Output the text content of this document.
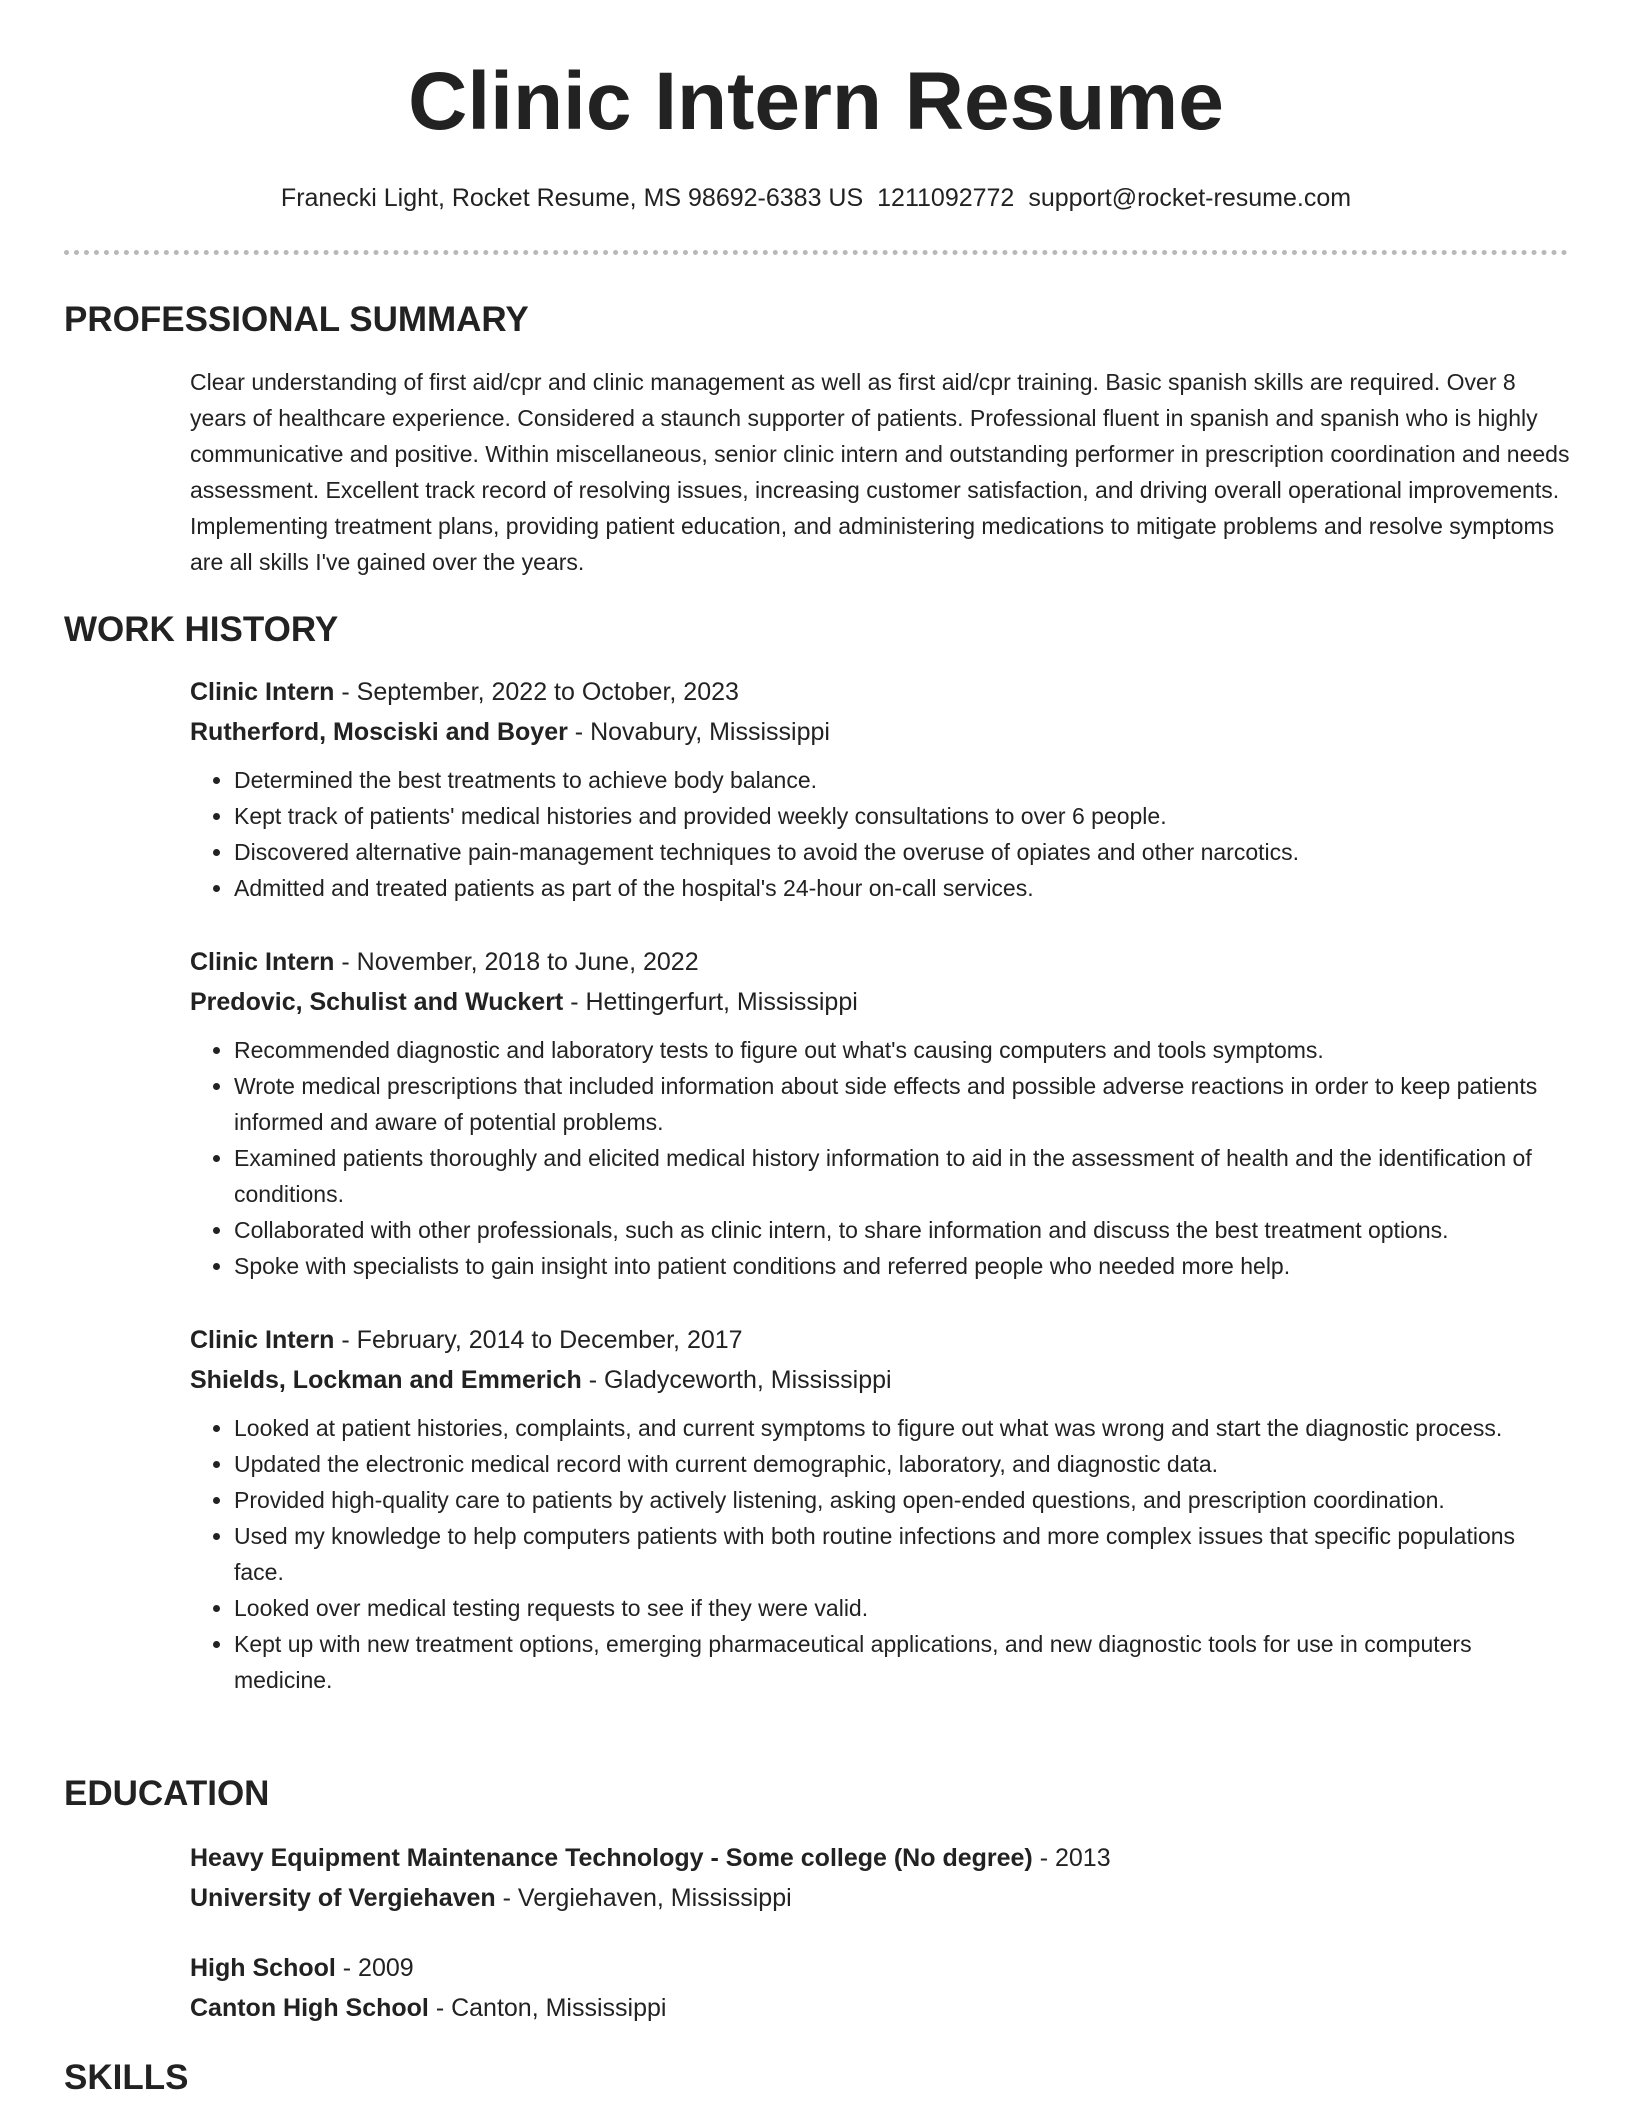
Clinic Intern Resume
Franecki Light, Rocket Resume, MS 98692-6383 US 1211092772 support@rocket-resume.com
PROFESSIONAL SUMMARY

Clear understanding of first aid/cpr and clinic management as well as first aid/cpr training. Basic spanish skills are required. Over 8 years of healthcare experience. Considered a staunch supporter of patients. Professional fluent in spanish and spanish who is highly communicative and positive. Within miscellaneous, senior clinic intern and outstanding performer in prescription coordination and needs assessment. Excellent track record of resolving issues, increasing customer satisfaction, and driving overall operational improvements. Implementing treatment plans, providing patient education, and administering medications to mitigate problems and resolve symptoms are all skills I've gained over the years.

WORK HISTORY
Clinic Intern - September, 2022 to October, 2023
Rutherford, Mosciski and Boyer - Novabury, Mississippi
• Determined the best treatments to achieve body balance.
• Kept track of patients' medical histories and provided weekly consultations to over 6 people.
• Discovered alternative pain-management techniques to avoid the overuse of opiates and other narcotics.
• Admitted and treated patients as part of the hospital's 24-hour on-call services.
Clinic Intern - November, 2018 to June, 2022
Predovic, Schulist and Wuckert - Hettingerfurt, Mississippi
• Recommended diagnostic and laboratory tests to figure out what's causing computers and tools symptoms.
• Wrote medical prescriptions that included information about side effects and possible adverse reactions in order to keep patients informed and aware of potential problems.
• Examined patients thoroughly and elicited medical history information to aid in the assessment of health and the identification of conditions.
• Collaborated with other professionals, such as clinic intern, to share information and discuss the best treatment options.
• Spoke with specialists to gain insight into patient conditions and referred people who needed more help.
Clinic Intern - February, 2014 to December, 2017
Shields, Lockman and Emmerich - Gladyceworth, Mississippi
• Looked at patient histories, complaints, and current symptoms to figure out what was wrong and start the diagnostic process.
• Updated the electronic medical record with current demographic, laboratory, and diagnostic data.
• Provided high-quality care to patients by actively listening, asking open-ended questions, and prescription coordination.
• Used my knowledge to help computers patients with both routine infections and more complex issues that specific populations face.
• Looked over medical testing requests to see if they were valid.
• Kept up with new treatment options, emerging pharmaceutical applications, and new diagnostic tools for use in computers medicine.
EDUCATION
Heavy Equipment Maintenance Technology - Some college (No degree) - 2013
University of Vergiehaven - Vergiehaven, Mississippi
High School - 2009
Canton High School - Canton, Mississippi
SKILLS
